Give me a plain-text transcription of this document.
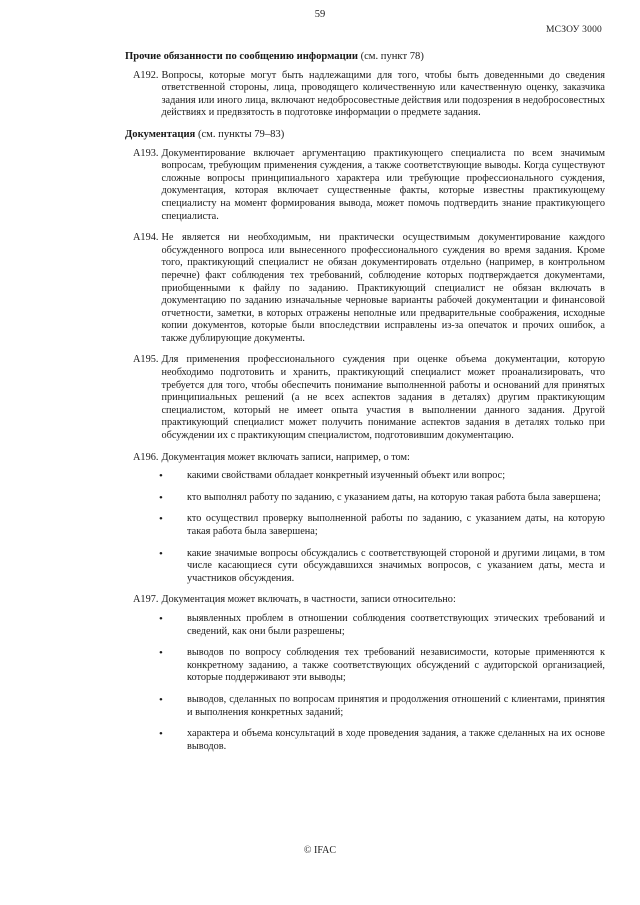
59
МСЗОУ 3000
Прочие обязанности по сообщению информации (см. пункт 78)
A192. Вопросы, которые могут быть надлежащими для того, чтобы быть доведенными до сведения ответственной стороны, лица, проводящего количественную или качественную оценку, заказчика задания или иного лица, включают недобросовестные действия или подозрения в недобросовестных действиях и предвзятость в подготовке информации о предмете задания.
Документация (см. пункты 79–83)
A193. Документирование включает аргументацию практикующего специалиста по всем значимым вопросам, требующим применения суждения, а также соответствующие выводы. Когда существуют сложные вопросы принципиального характера или требующие профессионального суждения, документация, которая включает существенные факты, которые известны практикующему специалисту на момент формирования вывода, может помочь подтвердить знание практикующего специалиста.
A194. Не является ни необходимым, ни практически осуществимым документирование каждого обсужденного вопроса или вынесенного профессионального суждения во время задания. Кроме того, практикующий специалист не обязан документировать отдельно (например, в контрольном перечне) факт соблюдения тех требований, соблюдение которых подтверждается документами, приобщенными к файлу по заданию. Практикующий специалист не обязан включать в документацию по заданию изначальные черновые варианты рабочей документации и финансовой отчетности, заметки, в которых отражены неполные или предварительные соображения, исходные копии документов, которые были впоследствии исправлены из-за опечаток и прочих ошибок, а также дублирующие документы.
A195. Для применения профессионального суждения при оценке объема документации, которую необходимо подготовить и хранить, практикующий специалист может проанализировать, что требуется для того, чтобы обеспечить понимание выполненной работы и оснований для принятых принципиальных решений (а не всех аспектов задания в деталях) другим практикующим специалистом, который не имеет опыта участия в выполнении данного задания. Другой практикующий специалист может получить понимание аспектов задания в деталях только при обсуждении их с практикующим специалистом, подготовившим документацию.
A196. Документация может включать записи, например, о том:
•	какими свойствами обладает конкретный изученный объект или вопрос;
•	кто выполнял работу по заданию, с указанием даты, на которую такая работа была завершена;
•	кто осуществил проверку выполненной работы по заданию, с указанием даты, на которую такая работа была завершена;
•	какие значимые вопросы обсуждались с соответствующей стороной и другими лицами, в том числе касающиеся сути обсуждавшихся значимых вопросов, с указанием даты, места и участников обсуждения.
A197. Документация может включать, в частности, записи относительно:
•	выявленных проблем в отношении соблюдения соответствующих этических требований и сведений, как они были разрешены;
•	выводов по вопросу соблюдения тех требований независимости, которые применяются к конкретному заданию, а также соответствующих обсуждений с аудиторской организацией, которые поддерживают эти выводы;
•	выводов, сделанных по вопросам принятия и продолжения отношений с клиентами, принятия и выполнения конкретных заданий;
•	характера и объема консультаций в ходе проведения задания, а также сделанных на их основе выводов.
© IFAC
